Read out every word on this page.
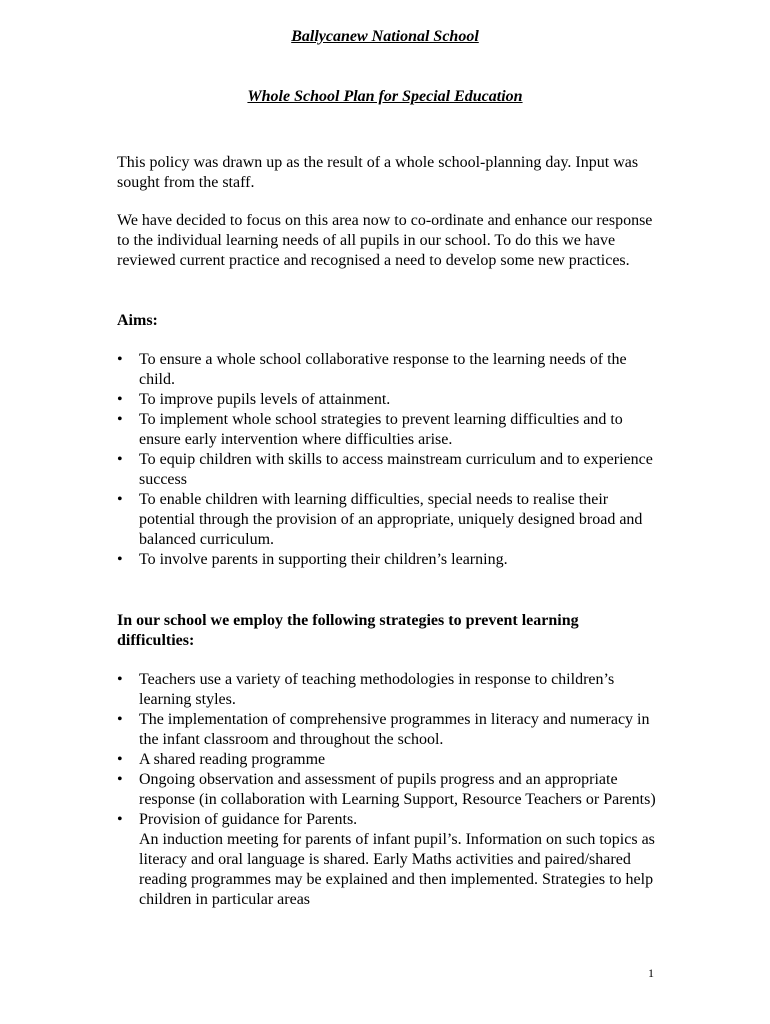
Ballycanew National School
Whole School Plan for Special Education

This policy was drawn up as the result of a whole school-planning day. Input was sought from the staff.

We have decided to focus on this area now to co-ordinate and enhance our response to the individual learning needs of all pupils in our school. To do this we have reviewed current practice and recognised a need to develop some new practices.

Aims:

•	To ensure a whole school collaborative response to the learning needs of the child.
•	To improve pupils levels of attainment.
•	To implement whole school strategies to prevent learning difficulties and to ensure early intervention where difficulties arise.
•	To equip children with skills to access mainstream curriculum and to experience success
•	To enable children with learning difficulties, special needs to realise their potential through the provision of an appropriate, uniquely designed broad and balanced curriculum.
•	To involve parents in supporting their children’s learning.

In our school we employ the following strategies to prevent learning difficulties:

•	Teachers use a variety of teaching methodologies in response to children’s learning styles.
•	The implementation of comprehensive programmes in literacy and numeracy in the infant classroom and throughout the school.
•	A shared reading programme
•	Ongoing observation and assessment of pupils progress and an appropriate response (in collaboration with Learning Support, Resource Teachers or Parents)
•	Provision of guidance for Parents.
An induction meeting for parents of infant pupil’s. Information on such topics as literacy and oral language is shared. Early Maths activities and paired/shared reading programmes may be explained and then implemented. Strategies to help children in particular areas
1
